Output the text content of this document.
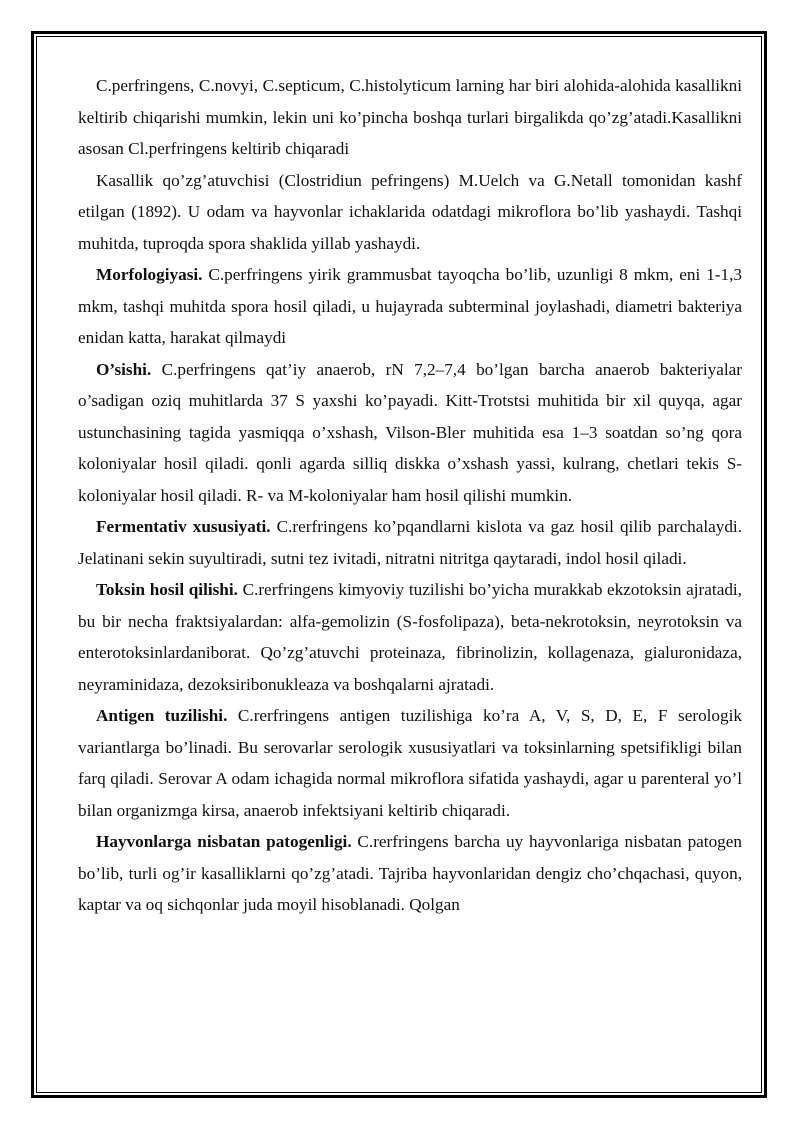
C.perfringens, C.novyi, C.septicum, C.histolyticum larning har biri alohida-alohida kasallikni keltirib chiqarishi mumkin, lekin uni ko’pincha boshqa turlari birgalikda qo’zg’atadi.Kasallikni asosan Cl.perfringens keltirib chiqaradi

Kasallik qo’zg’atuvchisi (Clostridiun pefringens) M.Uelch va G.Netall tomonidan kashf etilgan (1892). U odam va hayvonlar ichaklarida odatdagi mikroflora bo’lib yashaydi. Tashqi muhitda, tuproqda spora shaklida yillab yashaydi.

Morfologiyasi. C.perfringens yirik grammusbat tayoqcha bo’lib, uzunligi 8 mkm, eni 1-1,3 mkm, tashqi muhitda spora hosil qiladi, u hujayrada subterminal joylashadi, diametri bakteriya enidan katta, harakat qilmaydi

O’sishi. C.perfringens qat’iy anaerob, rN 7,2–7,4 bo’lgan barcha anaerob bakteriyalar o’sadigan oziq muhitlarda 37 S yaxshi ko’payadi. Kitt-Trotstsi muhitida bir xil quyqa, agar ustunchasining tagida yasmiqqa o’xshash, Vilson-Bler muhitida esa 1–3 soatdan so’ng qora koloniyalar hosil qiladi. qonli agarda silliq diskka o’xshash yassi, kulrang, chetlari tekis S-koloniyalar hosil qiladi. R- va M-koloniyalar ham hosil qilishi mumkin.

Fermentativ xususiyati. C.rerfringens ko’pqandlarni kislota va gaz hosil qilib parchalaydi. Jelatinani sekin suyultiradi, sutni tez ivitadi, nitratni nitritga qaytaradi, indol hosil qiladi.

Toksin hosil qilishi. C.rerfringens kimyoviy tuzilishi bo’yicha murakkab ekzotoksin ajratadi, bu bir necha fraktsiyalardan: alfa-gemolizin (S-fosfolipaza), beta-nekrotoksin, neyrotoksin va enterotoksinlardaniborat. Qo’zg’atuvchi proteinaza, fibrinolizin, kollagenaza, gialuronidaza, neyraminidaza, dezoksiribonukleaza va boshqalarni ajratadi.

Antigen tuzilishi. C.rerfringens antigen tuzilishiga ko’ra A, V, S, D, E, F serologik variantlarga bo’linadi. Bu serovarlar serologik xususiyatlari va toksinlarning spetsifikligi bilan farq qiladi. Serovar A odam ichagida normal mikroflora sifatida yashaydi, agar u parenteral yo’l bilan organizmga kirsa, anaerob infektsiyani keltirib chiqaradi.

Hayvonlarga nisbatan patogenligi. C.rerfringens barcha uy hayvonlariga nisbatan patogen bo’lib, turli og’ir kasalliklarni qo’zg’atadi. Tajriba hayvonlaridan dengiz cho’chqachasi, quyon, kaptar va oq sichqonlar juda moyil hisoblanadi. Qolgan
